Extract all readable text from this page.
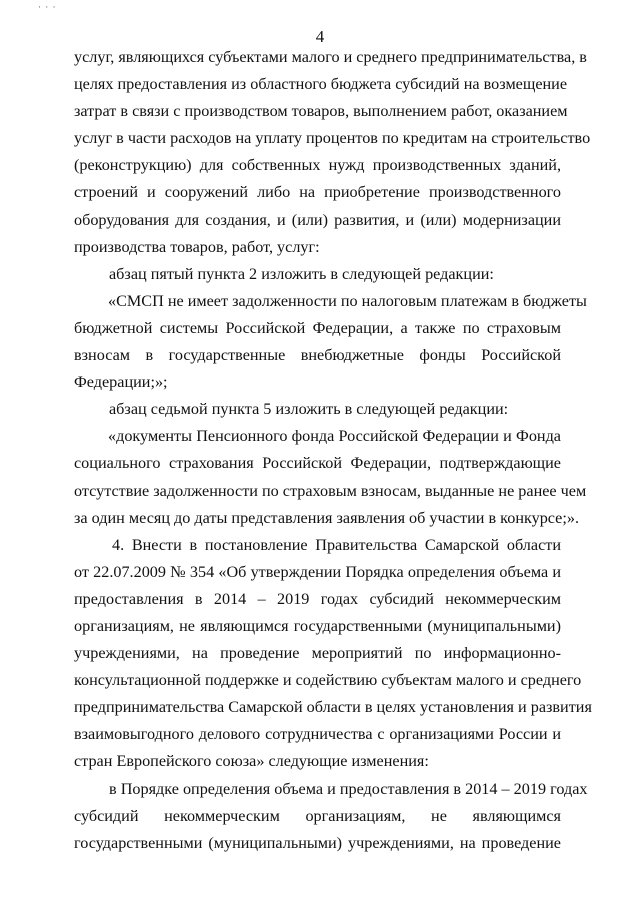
· · ·
4
услуг, являющихся субъектами малого и среднего предпринимательства, в
целях предоставления из областного бюджета субсидий на возмещение
затрат в связи с производством товаров, выполнением работ, оказанием
услуг в части расходов на уплату процентов по кредитам на строительство
(реконструкцию) для собственных нужд производственных зданий,
строений и сооружений либо на приобретение производственного
оборудования для создания, и (или) развития, и (или) модернизации
производства товаров, работ, услуг:
абзац пятый пункта 2 изложить в следующей редакции:
«СМСП не имеет задолженности по налоговым платежам в бюджеты
бюджетной системы Российской Федерации, а также по страховым
взносам в государственные внебюджетные фонды Российской
Федерации;»;
абзац седьмой пункта 5 изложить в следующей редакции:
«документы Пенсионного фонда Российской Федерации и Фонда
социального страхования Российской Федерации, подтверждающие
отсутствие задолженности по страховым взносам, выданные не ранее чем
за один месяц до даты представления заявления об участии в конкурсе;».
4. Внести в постановление Правительства Самарской области
от 22.07.2009 № 354 «Об утверждении Порядка определения объема и
предоставления в 2014 – 2019 годах субсидий некоммерческим
организациям, не являющимся государственными (муниципальными)
учреждениями, на проведение мероприятий по информационно-
консультационной поддержке и содействию субъектам малого и среднего
предпринимательства Самарской области в целях установления и развития
взаимовыгодного делового сотрудничества с организациями России и
стран Европейского союза» следующие изменения:
в Порядке определения объема и предоставления в 2014 – 2019 годах
субсидий некоммерческим организациям, не являющимся
государственными (муниципальными) учреждениями, на проведение
